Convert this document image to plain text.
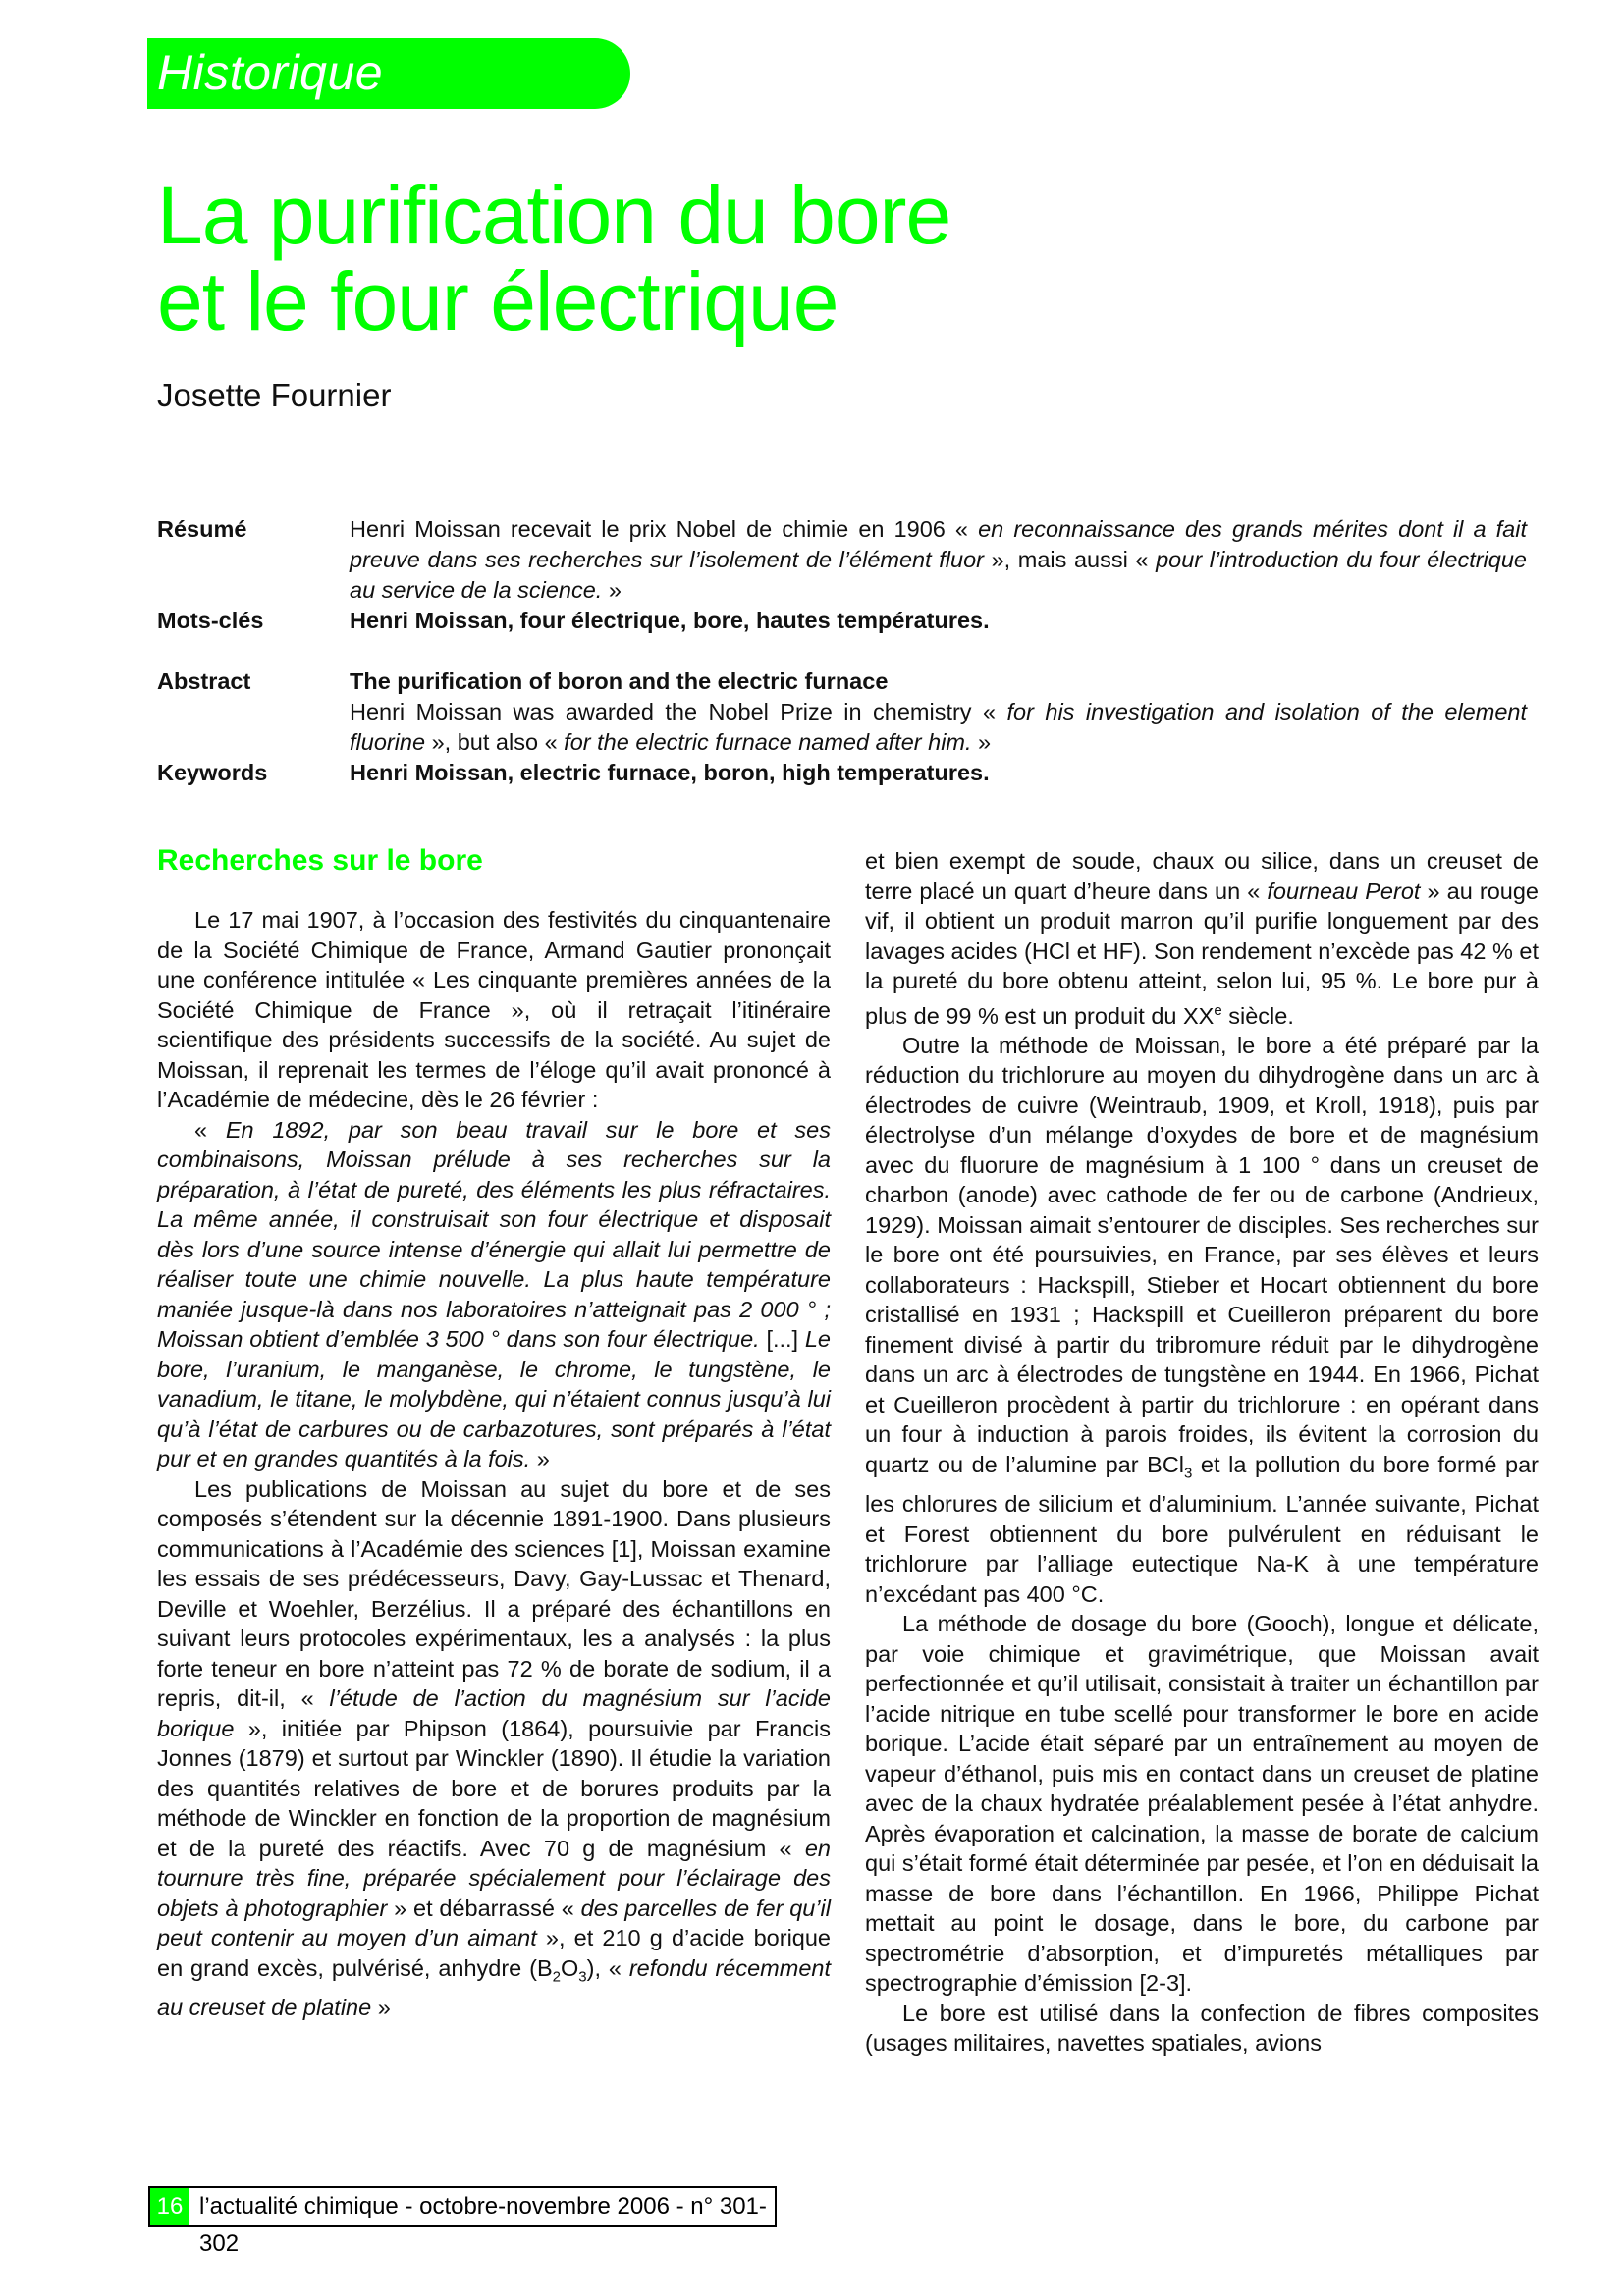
Historique
La purification du bore
et le four électrique
Josette Fournier
Résumé	Henri Moissan recevait le prix Nobel de chimie en 1906 « en reconnaissance des grands mérites dont il a fait preuve dans ses recherches sur l’isolement de l’élément fluor », mais aussi « pour l’introduction du four électrique au service de la science. »
Mots-clés	Henri Moissan, four électrique, bore, hautes températures.
Abstract	The purification of boron and the electric furnace
Henri Moissan was awarded the Nobel Prize in chemistry « for his investigation and isolation of the element fluorine », but also « for the electric furnace named after him. »
Keywords	Henri Moissan, electric furnace, boron, high temperatures.
Recherches sur le bore

Le 17 mai 1907, à l’occasion des festivités du cinquantenaire de la Société Chimique de France, Armand Gautier prononçait une conférence intitulée « Les cinquante premières années de la Société Chimique de France », où il retraçait l’itinéraire scientifique des présidents successifs de la société. Au sujet de Moissan, il reprenait les termes de l’éloge qu’il avait prononcé à l’Académie de médecine, dès le 26 février :

« En 1892, par son beau travail sur le bore et ses combinaisons, Moissan prélude à ses recherches sur la préparation, à l’état de pureté, des éléments les plus réfractaires. La même année, il construisait son four électrique et disposait dès lors d’une source intense d’énergie qui allait lui permettre de réaliser toute une chimie nouvelle. La plus haute température maniée jusque-là dans nos laboratoires n’atteignait pas 2 000 ° ; Moissan obtient d’emblée 3 500 ° dans son four électrique. [...] Le bore, l’uranium, le manganèse, le chrome, le tungstène, le vanadium, le titane, le molybdène, qui n’étaient connus jusqu’à lui qu’à l’état de carbures ou de carbazotures, sont préparés à l’état pur et en grandes quantités à la fois. »

Les publications de Moissan au sujet du bore et de ses composés s’étendent sur la décennie 1891-1900. Dans plusieurs communications à l’Académie des sciences [1], Moissan examine les essais de ses prédécesseurs, Davy, Gay-Lussac et Thenard, Deville et Woehler, Berzélius. Il a préparé des échantillons en suivant leurs protocoles expérimentaux, les a analysés : la plus forte teneur en bore n’atteint pas 72 % de borate de sodium, il a repris, dit-il, « l’étude de l’action du magnésium sur l’acide borique », initiée par Phipson (1864), poursuivie par Francis Jonnes (1879) et surtout par Winckler (1890). Il étudie la variation des quantités relatives de bore et de borures produits par la méthode de Winckler en fonction de la proportion de magnésium et de la pureté des réactifs. Avec 70 g de magnésium « en tournure très fine, préparée spécialement pour l’éclairage des objets à photographier » et débarrassé « des parcelles de fer qu’il peut contenir au moyen d’un aimant », et 210 g d’acide borique en grand excès, pulvérisé, anhydre $(B_2O_3)$, « refondu récemment au creuset de platine »

et bien exempt de soude, chaux ou silice, dans un creuset de terre placé un quart d’heure dans un « fourneau Perot » au rouge vif, il obtient un produit marron qu’il purifie longuement par des lavages acides (HCl et HF). Son rendement n’excède pas 42 % et la pureté du bore obtenu atteint, selon lui, 95 %. Le bore pur à plus de 99 % est un produit du XXe siècle.

Outre la méthode de Moissan, le bore a été préparé par la réduction du trichlorure au moyen du dihydrogène dans un arc à électrodes de cuivre (Weintraub, 1909, et Kroll, 1918), puis par électrolyse d’un mélange d’oxydes de bore et de magnésium avec du fluorure de magnésium à 1 100 ° dans un creuset de charbon (anode) avec cathode de fer ou de carbone (Andrieux, 1929). Moissan aimait s’entourer de disciples. Ses recherches sur le bore ont été poursuivies, en France, par ses élèves et leurs collaborateurs : Hackspill, Stieber et Hocart obtiennent du bore cristallisé en 1931 ; Hackspill et Cueilleron préparent du bore finement divisé à partir du tribromure réduit par le dihydrogène dans un arc à électrodes de tungstène en 1944. En 1966, Pichat et Cueilleron procèdent à partir du trichlorure : en opérant dans un four à induction à parois froides, ils évitent la corrosion du quartz ou de l’alumine par BCl$_3$ et la pollution du bore formé par les chlorures de silicium et d’aluminium. L’année suivante, Pichat et Forest obtiennent du bore pulvérulent en réduisant le trichlorure par l’alliage eutectique Na-K à une température n’excédant pas 400 °C.

La méthode de dosage du bore (Gooch), longue et délicate, par voie chimique et gravimétrique, que Moissan avait perfectionnée et qu’il utilisait, consistait à traiter un échantillon par l’acide nitrique en tube scellé pour transformer le bore en acide borique. L’acide était séparé par un entraînement au moyen de vapeur d’éthanol, puis mis en contact dans un creuset de platine avec de la chaux hydratée préalablement pesée à l’état anhydre. Après évaporation et calcination, la masse de borate de calcium qui s’était formé était déterminée par pesée, et l’on en déduisait la masse de bore dans l’échantillon. En 1966, Philippe Pichat mettait au point le dosage, dans le bore, du carbone par spectrométrie d’absorption, et d’impuretés métalliques par spectrographie d’émission [2-3].

Le bore est utilisé dans la confection de fibres composites (usages militaires, navettes spatiales, avions

16 l’actualité chimique - octobre-novembre 2006 - n° 301-302
